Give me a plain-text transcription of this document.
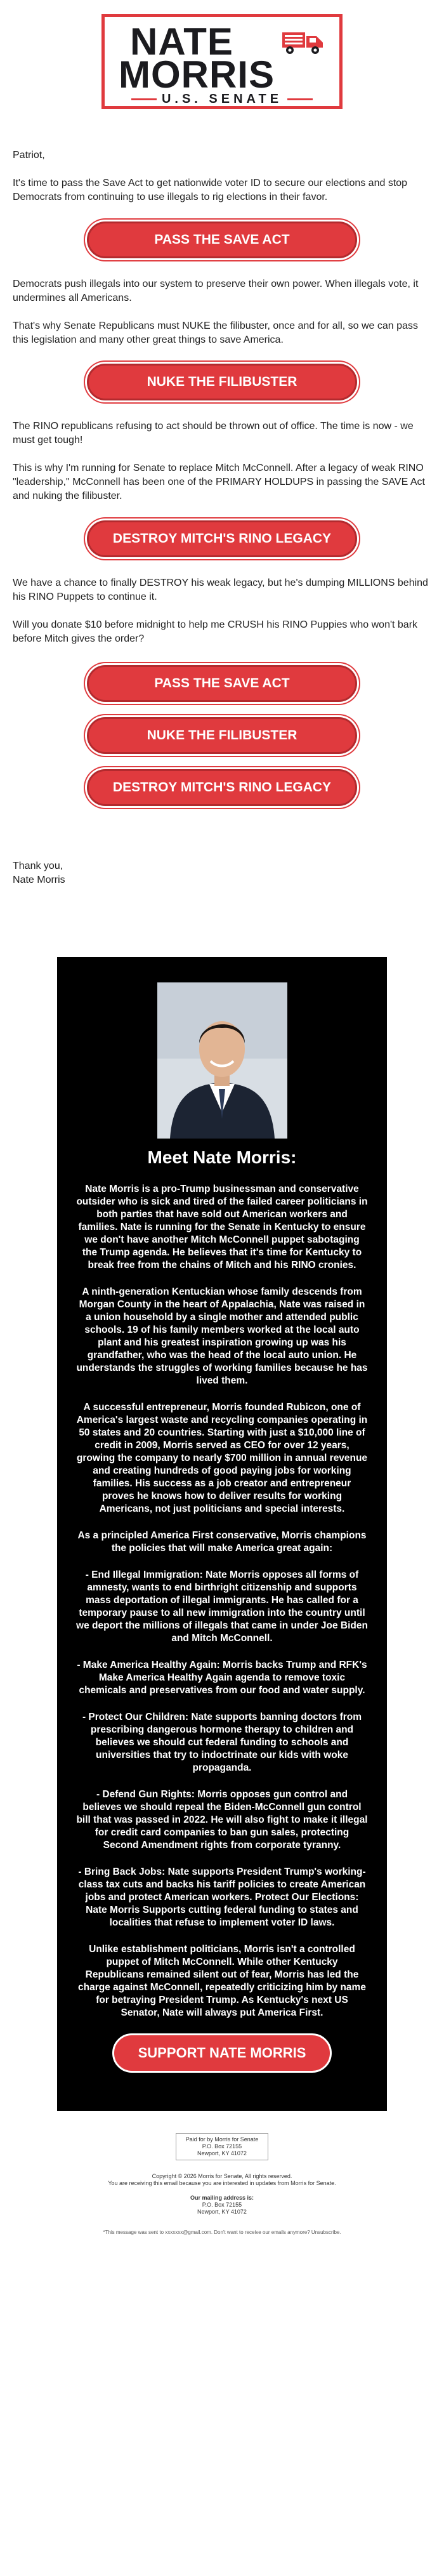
NATE
MORRIS
U.S. SENATE

Patriot,

It's time to pass the Save Act to get nationwide voter ID to secure our elections and stop Democrats from continuing to use illegals to rig elections in their favor.

PASS THE SAVE ACT

Democrats push illegals into our system to preserve their own power. When illegals vote, it undermines all Americans.

That's why Senate Republicans must NUKE the filibuster, once and for all, so we can pass this legislation and many other great things to save America.

NUKE THE FILIBUSTER

The RINO republicans refusing to act should be thrown out of office. The time is now - we must get tough!

This is why I'm running for Senate to replace Mitch McConnell. After a legacy of weak RINO "leadership," McConnell has been one of the PRIMARY HOLDUPS in passing the SAVE Act and nuking the filibuster.

DESTROY MITCH'S RINO LEGACY

We have a chance to finally DESTROY his weak legacy, but he's dumping MILLIONS behind his RINO Puppets to continue it.

Will you donate $10 before midnight to help me CRUSH his RINO Puppies who won't bark before Mitch gives the order?

PASS THE SAVE ACT
NUKE THE FILIBUSTER
DESTROY MITCH'S RINO LEGACY

Thank you,

Nate Morris

Meet Nate Morris:

Nate Morris is a pro-Trump businessman and conservative outsider who is sick and tired of the failed career politicians in both parties that have sold out American workers and families. Nate is running for the Senate in Kentucky to ensure we don't have another Mitch McConnell puppet sabotaging the Trump agenda. He believes that it's time for Kentucky to break free from the chains of Mitch and his RINO cronies.

A ninth-generation Kentuckian whose family descends from Morgan County in the heart of Appalachia, Nate was raised in a union household by a single mother and attended public schools. 19 of his family members worked at the local auto plant and his greatest inspiration growing up was his grandfather, who was the head of the local auto union. He understands the struggles of working families because he has lived them.

A successful entrepreneur, Morris founded Rubicon, one of America's largest waste and recycling companies operating in 50 states and 20 countries. Starting with just a $10,000 line of credit in 2009, Morris served as CEO for over 12 years, growing the company to nearly $700 million in annual revenue and creating hundreds of good paying jobs for working families. His success as a job creator and entrepreneur proves he knows how to deliver results for working Americans, not just politicians and special interests.

As a principled America First conservative, Morris champions the policies that will make America great again:

- End Illegal Immigration: Nate Morris opposes all forms of amnesty, wants to end birthright citizenship and supports mass deportation of illegal immigrants. He has called for a temporary pause to all new immigration into the country until we deport the millions of illegals that came in under Joe Biden and Mitch McConnell.

- Make America Healthy Again: Morris backs Trump and RFK's Make America Healthy Again agenda to remove toxic chemicals and preservatives from our food and water supply.

- Protect Our Children: Nate supports banning doctors from prescribing dangerous hormone therapy to children and believes we should cut federal funding to schools and universities that try to indoctrinate our kids with woke propaganda.

- Defend Gun Rights: Morris opposes gun control and believes we should repeal the Biden-McConnell gun control bill that was passed in 2022. He will also fight to make it illegal for credit card companies to ban gun sales, protecting Second Amendment rights from corporate tyranny.

- Bring Back Jobs: Nate supports President Trump's working-class tax cuts and backs his tariff policies to create American jobs and protect American workers. Protect Our Elections: Nate Morris Supports cutting federal funding to states and localities that refuse to implement voter ID laws.

Unlike establishment politicians, Morris isn't a controlled puppet of Mitch McConnell. While other Kentucky Republicans remained silent out of fear, Morris has led the charge against McConnell, repeatedly criticizing him by name for betraying President Trump. As Kentucky's next US Senator, Nate will always put America First.

SUPPORT NATE MORRIS
Paid for by Morris for Senate
P.O. Box 72155
Newport, KY 41072

Copyright © 2026 Morris for Senate, All rights reserved.

You are receiving this email because you are interested in updates from Morris for Senate.

Our mailing address is:

P.O. Box 72155

Newport, KY 41072

*This message was sent to xxxxxxx@gmail.com. Don't want to receive our emails anymore? Unsubscribe.
